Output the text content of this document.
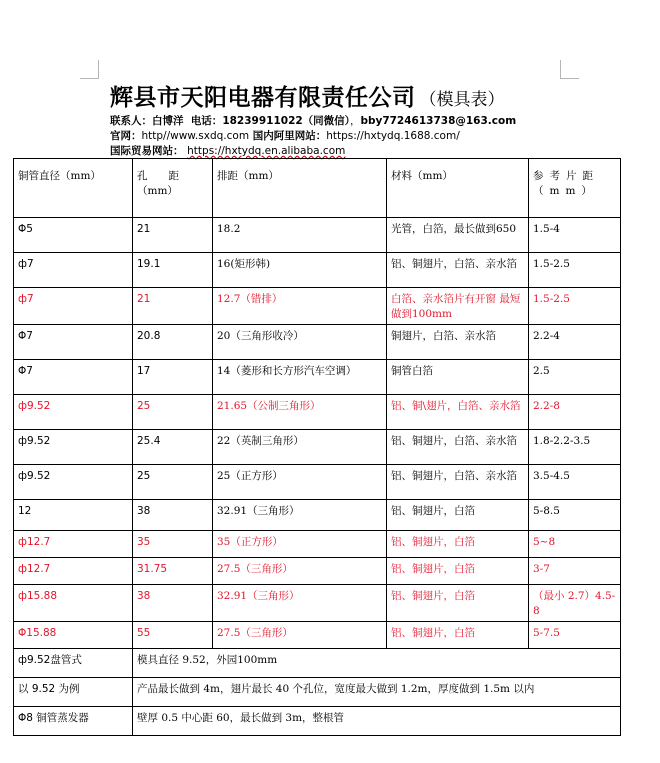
辉县市天阳电器有限责任公司 （模具表）
联系人：白博洋 电话：18239911022（同微信），bby7724613738@163.com
官网：http//www.sxdq.com 国内阿里网站：https://hxtydq.1688.com/
国际贸易网站： https://hxtydq.en.alibaba.com
铜管直径（mm）	孔　　距（mm）	排距（mm）	材料（mm）	参考片距（mm）
Φ5	21	18.2	光管，白箔，最长做到650	1.5-4
ф7	19.1	16(矩形韩)	铝、铜翅片，白箔、亲水箔	1.5-2.5
ф7	21	12.7（错排）	白箔、亲水箔片有开窗 最短做到100mm	1.5-2.5
Φ7	20.8	20（三角形收冷）	铜翅片，白箔、亲水箔	2.2-4
Φ7	17	14（菱形和长方形汽车空调）	铜管白箔	2.5
ф9.52	25	21.65（公制三角形）	铝、铜\翅片，白箔、亲水箔	2.2-8
ф9.52	25.4	22（英制三角形）	铝、铜翅片，白箔、亲水箔	1.8-2.2-3.5
ф9.52	25	25（正方形）	铝、铜翅片，白箔、亲水箔	3.5-4.5
12	38	32.91（三角形）	铝、铜翅片，白箔	5-8.5
ф12.7	35	35（正方形）	铝、铜翅片，白箔	5~8
ф12.7	31.75	27.5（三角形）	铝、铜翅片，白箔	3-7
ф15.88	38	32.91（三角形）	铝、铜翅片，白箔	（最小 2.7）4.5-8
Φ15.88	55	27.5（三角形）	铝、铜翅片，白箔	5-7.5
ф9.52盘管式	模具直径 9.52，外园100mm			
以 9.52 为例	产品最长做到 4m，翅片最长 40 个孔位，宽度最大做到 1.2m，厚度做到 1.5m 以内			
Φ8 铜管蒸发器	壁厚 0.5 中心距 60，最长做到 3m，整根管			
